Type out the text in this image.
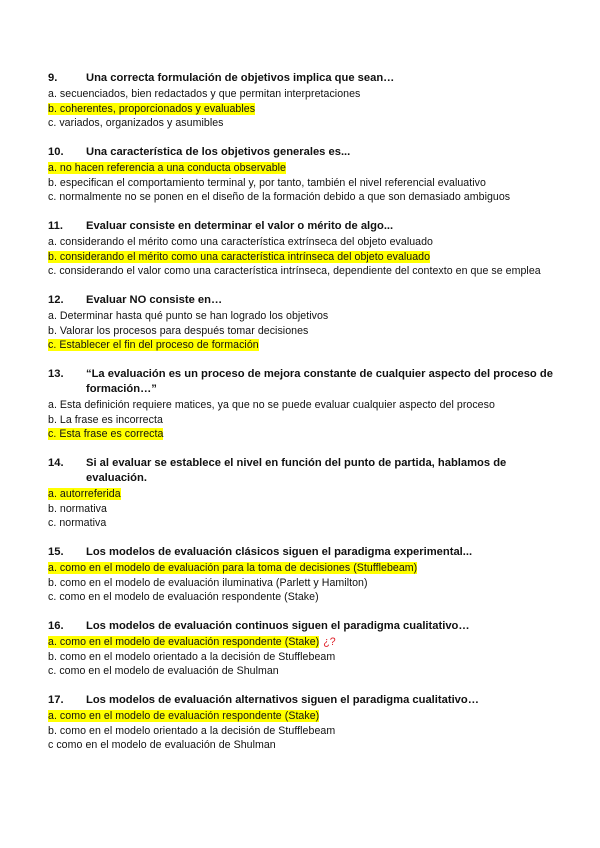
9.	Una correcta formulación de objetivos implica que sean…
a. secuenciados, bien redactados y que permitan interpretaciones
b. coherentes, proporcionados y evaluables
c. variados, organizados y asumibles
10.	Una característica de los objetivos generales es...
a. no hacen referencia a una conducta observable
b. especifican el comportamiento terminal y, por tanto, también el nivel referencial evaluativo
c. normalmente no se ponen en el diseño de la formación debido a que son demasiado ambiguos
11.	Evaluar consiste en determinar el valor o mérito de algo...
a. considerando el mérito como una característica extrínseca del objeto evaluado
b. considerando el mérito como una característica intrínseca del objeto evaluado
c. considerando el valor como una característica intrínseca, dependiente del contexto en que se emplea
12.	Evaluar NO consiste en…
a. Determinar hasta qué punto se han logrado los objetivos
b. Valorar los procesos para después tomar decisiones
c. Establecer el fin del proceso de formación
13.	“La evaluación es un proceso de mejora constante de cualquier aspecto del proceso de formación…”
a. Esta definición requiere matices, ya que no se puede evaluar cualquier aspecto del proceso
b. La frase es incorrecta
c. Esta frase es correcta
14.	Si al evaluar se establece el nivel en función del punto de partida, hablamos de evaluación.
a. autorreferida
b. normativa
c. normativa
15.	Los modelos de evaluación clásicos siguen el paradigma experimental...
a. como en el modelo de evaluación para la toma de decisiones (Stufflebeam)
b. como en el modelo de evaluación iluminativa (Parlett y Hamilton)
c. como en el modelo de evaluación respondente (Stake)
16.	Los modelos de evaluación continuos siguen el paradigma cualitativo…
a. como en el modelo de evaluación respondente (Stake) ¿?
b. como en el modelo orientado a la decisión de Stufflebeam
c. como en el modelo de evaluación de Shulman
17.	Los modelos de evaluación alternativos siguen el paradigma cualitativo…
a. como en el modelo de evaluación respondente (Stake)
b. como en el modelo orientado a la decisión de Stufflebeam
c como en el modelo de evaluación de Shulman
